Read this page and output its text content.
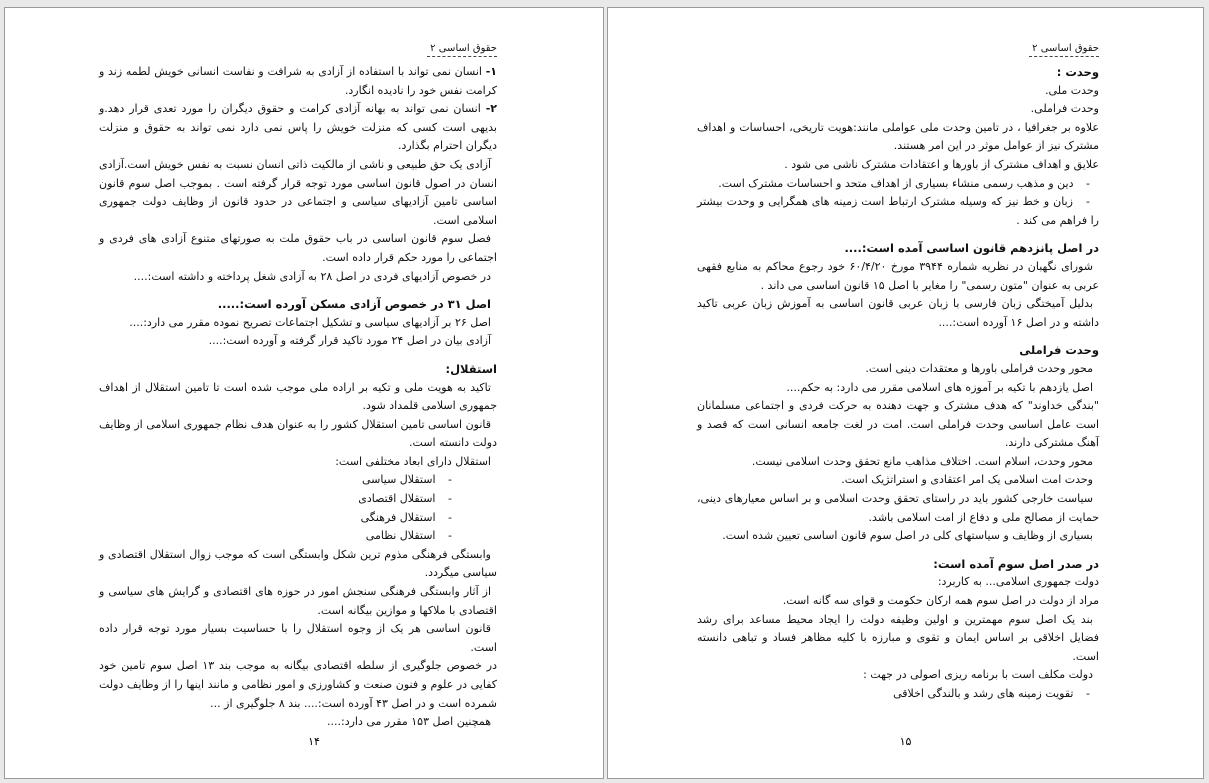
حقوق اساسی ۲

۱- انسان نمی تواند با استفاده از آزادی به شرافت و نفاست انسانی خویش لطمه زند و کرامت نفس خود را نادیده انگارد.

۲- انسان نمی تواند به بهانه آزادی کرامت و حقوق دیگران را مورد تعدی قرار دهد.و بدیهی است کسی که منزلت خویش را پاس نمی دارد نمی تواند به حقوق و منزلت دیگران احترام بگذارد.

آزادی یک حق طبیعی و ناشی از مالکیت ذاتی انسان نسبت به نفس خویش است.آزادی انسان در اصول قانون اساسی مورد توجه قرار گرفته است . بموجب اصل سوم قانون اساسی تامین آزادیهای سیاسی و اجتماعی در حدود قانون از وظایف دولت جمهوری اسلامی است.

فصل سوم قانون اساسی در باب حقوق ملت به صورتهای متنوع آزادی های فردی و اجتماعی را مورد حکم قرار داده است.

در خصوص آزادیهای فردی در اصل ۲۸ به آزادی شغل پرداخته و داشته است:....

اصل ۳۱ در خصوص آزادی مسکن آورده است:.....

اصل ۲۶ بر آزادیهای سیاسی و تشکیل اجتماعات تصریح نموده مقرر می دارد:....

آزادی بیان در اصل ۲۴ مورد تاکید قرار گرفته و آورده است:....

استقلال:

تاکید به هویت ملی و تکیه بر اراده ملی موجب شده است تا تامین استقلال از اهداف جمهوری اسلامی قلمداد شود.

قانون اساسی تامین استقلال کشور را به عنوان هدف نظام جمهوری اسلامی از وظایف دولت دانسته است.

استقلال دارای ابعاد مختلفی است:

- استقلال سیاسی
- استقلال اقتصادی
- استقلال فرهنگی
- استقلال نظامی

وابستگی فرهنگی مذوم ترین شکل وابستگی است که موجب زوال استقلال اقتصادی و سیاسی میگردد.

از آثار وابستگی فرهنگی سنجش امور در حوزه های اقتصادی و گرایش های سیاسی و اقتصادی با ملاکها و موازین بیگانه است.

قانون اساسی هر یک از وجوه استقلال را با حساسیت بسیار مورد توجه قرار داده است.

در خصوص جلوگیری از سلطه اقتصادی بیگانه به موجب بند ۱۳ اصل سوم تامین خود کفایی در علوم و فنون صنعت و کشاورزی و امور نظامی و مانند اینها را از وظایف دولت شمرده است و در اصل ۴۳ آورده است:.... بند ۸ جلوگیری از ...

همچنین اصل ۱۵۳ مقرر می دارد:....

۱۴
حقوق اساسی ۲

وحدت :

وحدت ملی.

وحدت فراملی.

علاوه بر جغرافیا ، در تامین وحدت ملی عواملی مانند:هویت تاریخی، احساسات و اهداف مشترک نیز از عوامل موثر در این امر هستند.

علایق و اهداف مشترک از باورها و اعتقادات مشترک ناشی می شود .

- دین و مذهب رسمی منشاء بسیاری از اهداف متحد و احساسات مشترک است.
- زبان و خط نیز که وسیله مشترک ارتباط است زمینه های همگرایی و وحدت بیشتر را فراهم می کند .

در اصل پانزدهم قانون اساسی آمده است:....

شورای نگهبان در نظریه شماره ۳۹۴۴ مورخ ۶۰/۴/۲۰ خود رجوع محاکم به منابع فقهی عربی به عنوان "متون رسمی" را مغایر با اصل ۱۵ قانون اساسی می داند .

بدلیل آمیختگی زبان فارسی با زبان عربی قانون اساسی به آموزش زبان عربی تاکید داشته و در اصل ۱۶ آورده است:....

وحدت فراملی

محور وحدت فراملی باورها و معتقدات دینی است.

اصل یازدهم با تکیه بر آموزه های اسلامی مقرر می دارد: به حکم....

"بندگی خداوند" که هدف مشترک و جهت دهنده به حرکت فردی و اجتماعی مسلمانان است عامل اساسی وحدت فراملی است. امت در لغت جامعه انسانی است که قصد و آهنگ مشترکی دارند.

محور وحدت، اسلام است. اختلاف مذاهب مانع تحقق وحدت اسلامی نیست.

وحدت امت اسلامی یک امر اعتقادی و استراتژیک است.

سیاست خارجی کشور باید در راستای تحقق وحدت اسلامی و بر اساس معیارهای دینی، حمایت از مصالح ملی و دفاع از امت اسلامی باشد.

بسیاری از وظایف و سیاستهای کلی در اصل سوم قانون اساسی تعیین شده است.

در صدر اصل سوم آمده است:

دولت جمهوری اسلامی... به کاربرد:

مراد از دولت در اصل سوم همه ارکان حکومت و قوای سه گانه است.

بند یک اصل سوم مهمترین و اولین وظیفه دولت را ایجاد محیط مساعد برای رشد فضایل اخلاقی بر اساس ایمان و تقوی و مبارزه با کلیه مظاهر فساد و تباهی دانسته است.

دولت مکلف است با برنامه ریزی اصولی در جهت :

- تقویت زمینه های رشد و بالندگی اخلاقی
۱۵
